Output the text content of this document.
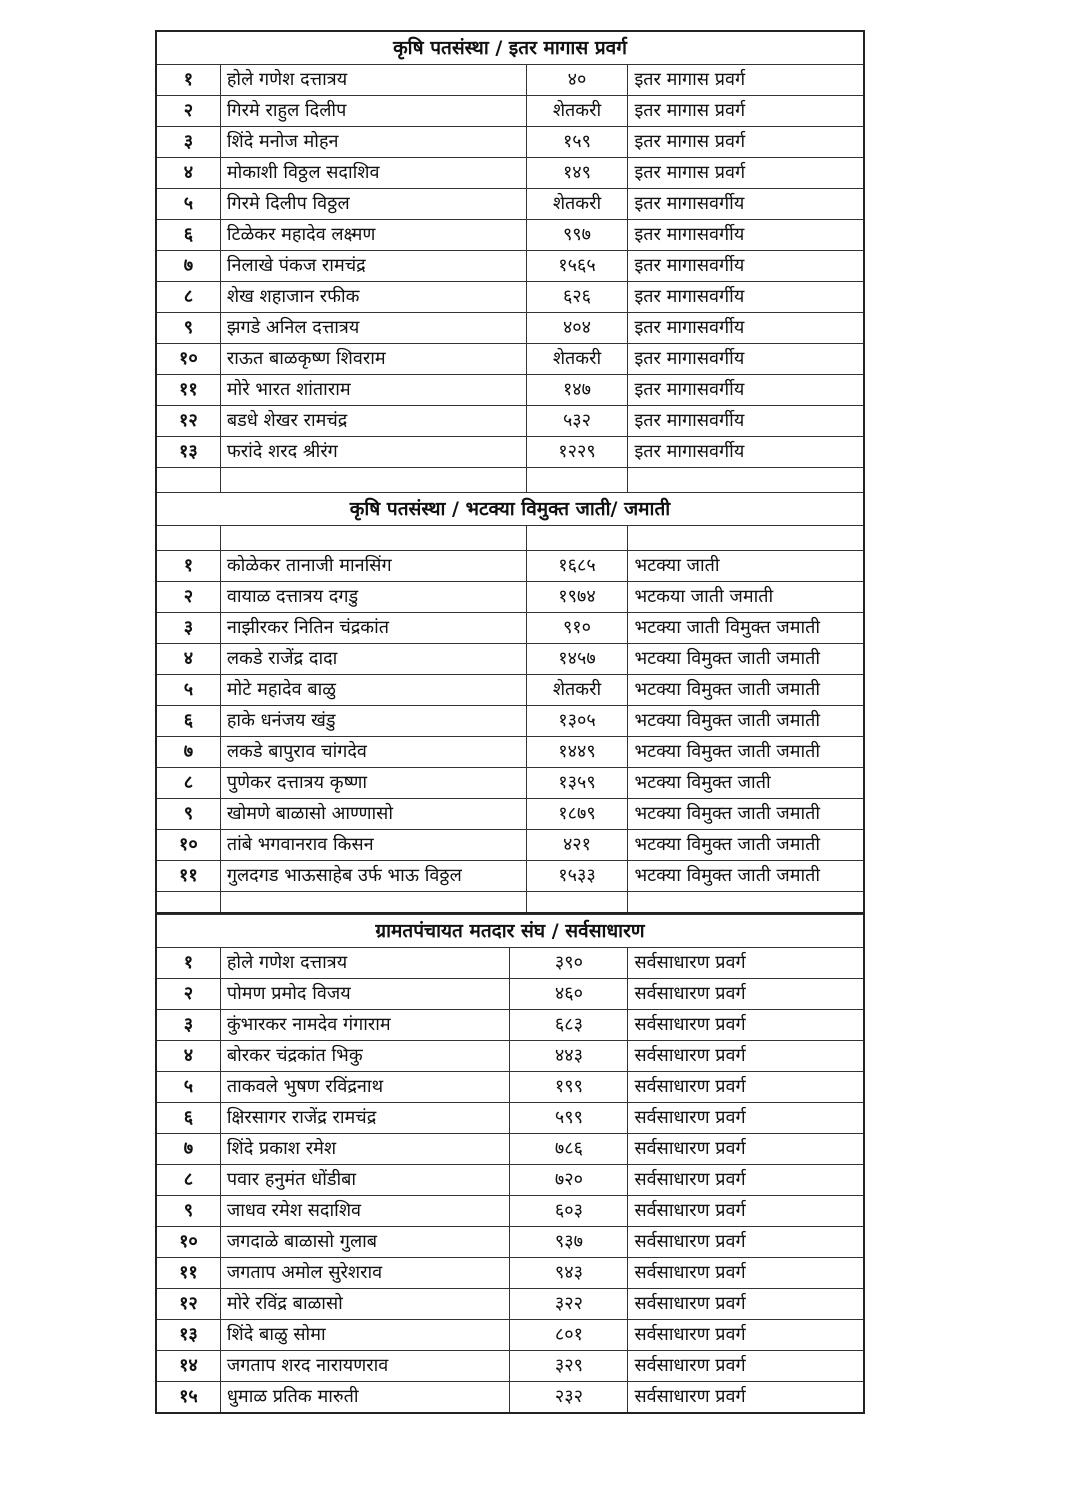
कृषि पतसंस्था / इतर मागास प्रवर्ग			
१	होले गणेश दत्तात्रय	४०	इतर मागास प्रवर्ग
२	गिरमे राहुल दिलीप	शेतकरी	इतर मागास प्रवर्ग
३	शिंदे मनोज मोहन	१५९	इतर मागास प्रवर्ग
४	मोकाशी विठ्ठल सदाशिव	१४९	इतर मागास प्रवर्ग
५	गिरमे दिलीप विठ्ठल	शेतकरी	इतर मागासवर्गीय
६	टिळेकर महादेव लक्ष्मण	९९७	इतर मागासवर्गीय
७	निलाखे पंकज रामचंद्र	१५६५	इतर मागासवर्गीय
८	शेख शहाजान रफीक	६२६	इतर मागासवर्गीय
९	झगडे अनिल दत्तात्रय	४०४	इतर मागासवर्गीय
१०	राऊत बाळकृष्ण शिवराम	शेतकरी	इतर मागासवर्गीय
११	मोरे भारत शांताराम	१४७	इतर मागासवर्गीय
१२	बडधे शेखर रामचंद्र	५३२	इतर मागासवर्गीय
१३	फरांदे शरद श्रीरंग	१२२९	इतर मागासवर्गीय

कृषि पतसंस्था / भटक्या विमुक्त जाती/ जमाती			

१	कोळेकर तानाजी मानसिंग	१६८५	भटक्या जाती
२	वायाळ दत्तात्रय दगडु	१९७४	भटकया जाती जमाती
३	नाझीरकर नितिन चंद्रकांत	९१०	भटक्या जाती विमुक्त जमाती
४	लकडे राजेंद्र दादा	१४५७	भटक्या विमुक्त जाती जमाती
५	मोटे महादेव बाळु	शेतकरी	भटक्या विमुक्त जाती जमाती
६	हाके धनंजय खंडु	१३०५	भटक्या विमुक्त जाती जमाती
७	लकडे बापुराव चांगदेव	१४४९	भटक्या विमुक्त जाती जमाती
८	पुणेकर दत्तात्रय कृष्णा	१३५९	भटक्या विमुक्त जाती
९	खोमणे बाळासो आण्णासो	१८७९	भटक्या विमुक्त जाती जमाती
१०	तांबे भगवानराव किसन	४२१	भटक्या विमुक्त जाती जमाती
११	गुलदगड भाऊसाहेब उर्फ भाऊ विठ्ठल	१५३३	भटक्या विमुक्त जाती जमाती

ग्रामतपंचायत मतदार संघ / सर्वसाधारण			
१	होले गणेश दत्तात्रय	३९०	सर्वसाधारण प्रवर्ग
२	पोमण प्रमोद विजय	४६०	सर्वसाधारण प्रवर्ग
३	कुंभारकर नामदेव गंगाराम	६८३	सर्वसाधारण प्रवर्ग
४	बोरकर चंद्रकांत भिकु	४४३	सर्वसाधारण प्रवर्ग
५	ताकवले भुषण रविंद्रनाथ	१९९	सर्वसाधारण प्रवर्ग
६	क्षिरसागर राजेंद्र रामचंद्र	५९९	सर्वसाधारण प्रवर्ग
७	शिंदे प्रकाश रमेश	७८६	सर्वसाधारण प्रवर्ग
८	पवार हनुमंत धोंडीबा	७२०	सर्वसाधारण प्रवर्ग
९	जाधव रमेश सदाशिव	६०३	सर्वसाधारण प्रवर्ग
१०	जगदाळे बाळासो गुलाब	९३७	सर्वसाधारण प्रवर्ग
११	जगताप अमोल सुरेशराव	९४३	सर्वसाधारण प्रवर्ग
१२	मोरे रविंद्र बाळासो	३२२	सर्वसाधारण प्रवर्ग
१३	शिंदे बाळु सोमा	८०१	सर्वसाधारण प्रवर्ग
१४	जगताप शरद नारायणराव	३२९	सर्वसाधारण प्रवर्ग
१५	धुमाळ प्रतिक मारुती	२३२	सर्वसाधारण प्रवर्ग
